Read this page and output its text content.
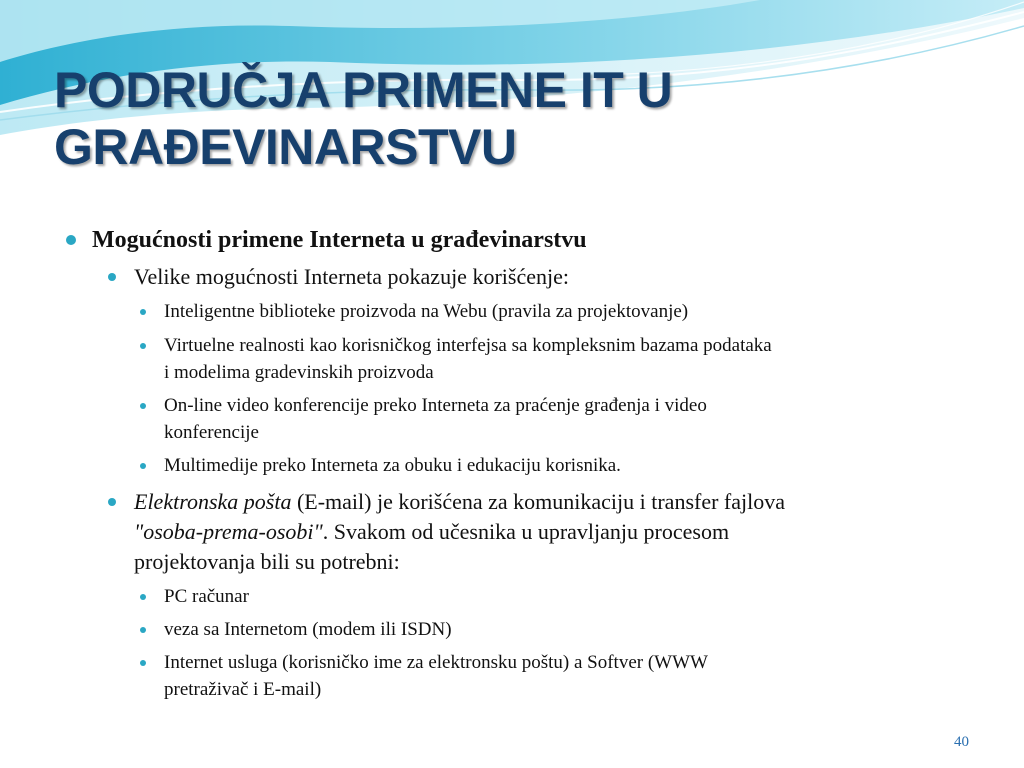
PODRUČJA PRIMENE IT U
GRAĐEVINARSTVU
Mogućnosti primene Interneta u građevinarstvu
Velike mogućnosti Interneta pokazuje korišćenje:
Inteligentne biblioteke proizvoda na Webu (pravila za projektovanje)
Virtuelne realnosti kao korisničkog interfejsa sa kompleksnim bazama podataka
i modelima gradevinskih proizvoda
On-line video konferencije preko Interneta za praćenje građenja i video
konferencije
Multimedije preko Interneta za obuku i edukaciju korisnika.
Elektronska pošta (E-mail) je korišćena za komunikaciju i transfer fajlova
"osoba-prema-osobi". Svakom od učesnika u upravljanju procesom
projektovanja bili su potrebni:
PC računar
veza sa Internetom (modem ili ISDN)
Internet usluga (korisničko ime za elektronsku poštu) a Softver (WWW
pretraživač i E-mail)
40
